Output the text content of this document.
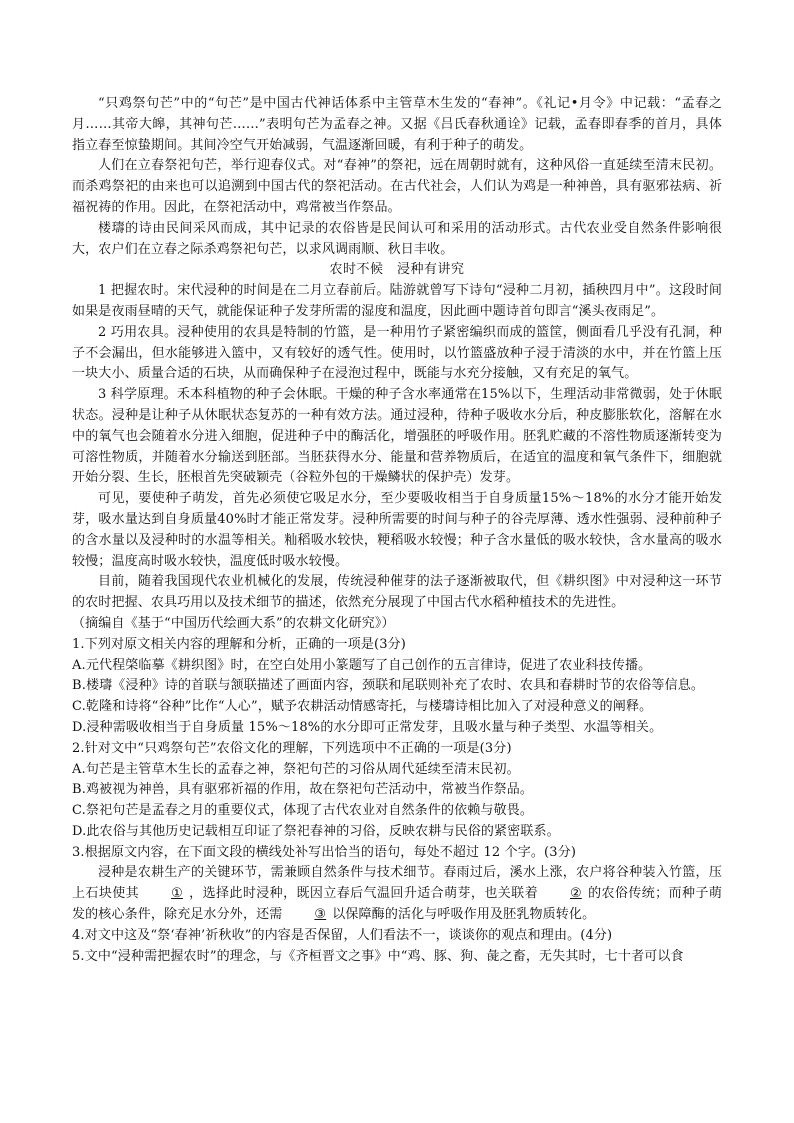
“只鸡祭句芒”中的“句芒”是中国古代神话体系中主管草木生发的“春神”。《礼记•月令》中记载：“孟春之月……其帝大皞，其神句芒……”表明句芒为孟春之神。又据《吕氏春秋通诠》记载，孟春即春季的首月，具体指立春至惊蛰期间。其间冷空气开始减弱，气温逐渐回暖，有利于种子的萌发。

人们在立春祭祀句芒，举行迎春仪式。对“春神”的祭祀，远在周朝时就有，这种风俗一直延续至清末民初。而杀鸡祭祀的由来也可以追溯到中国古代的祭祀活动。在古代社会，人们认为鸡是一种神兽，具有驱邪祛病、祈福祝祷的作用。因此，在祭祀活动中，鸡常被当作祭品。

楼璹的诗由民间采风而成，其中记录的农俗皆是民间认可和采用的活动形式。古代农业受自然条件影响很大，农户们在立春之际杀鸡祭祀句芒，以求风调雨顺、秋日丰收。

农时不候　浸种有讲究

1 把握农时。宋代浸种的时间是在二月立春前后。陆游就曾写下诗句“浸种二月初，插秧四月中”。这段时间如果是夜雨昼晴的天气，就能保证种子发芽所需的湿度和温度，因此画中题诗首句即言“溪头夜雨足”。

2 巧用农具。浸种使用的农具是特制的竹篮，是一种用竹子紧密编织而成的篮筐，侧面看几乎没有孔洞，种子不会漏出，但水能够进入篮中，又有较好的透气性。使用时，以竹篮盛放种子浸于清淡的水中，并在竹篮上压一块大小、质量合适的石块，从而确保种子在浸泡过程中，既能与水充分接触，又有充足的氧气。

3 科学原理。禾本科植物的种子会休眠。干燥的种子含水率通常在15%以下，生理活动非常微弱，处于休眠状态。浸种是让种子从休眠状态复苏的一种有效方法。通过浸种，待种子吸收水分后，种皮膨胀软化，溶解在水中的氧气也会随着水分进入细胞，促进种子中的酶活化，增强胚的呼吸作用。胚乳贮藏的不溶性物质逐渐转变为可溶性物质，并随着水分输送到胚部。当胚获得水分、能量和营养物质后，在适宜的温度和氧气条件下，细胞就开始分裂、生长，胚根首先突破颖壳（谷粒外包的干燥鳞状的保护壳）发芽。

可见，要使种子萌发，首先必须使它吸足水分，至少要吸收相当于自身质量15%～18%的水分才能开始发芽，吸水量达到自身质量40%时才能正常发芽。浸种所需要的时间与种子的谷壳厚薄、透水性强弱、浸种前种子的含水量以及浸种时的水温等相关。籼稻吸水较快，粳稻吸水较慢；种子含水量低的吸水较快，含水量高的吸水较慢；温度高时吸水较快，温度低时吸水较慢。

目前，随着我国现代农业机械化的发展，传统浸种催芽的法子逐渐被取代，但《耕织图》中对浸种这一环节的农时把握、农具巧用以及技术细节的描述，依然充分展现了中国古代水稻种植技术的先进性。

（摘编自《基于“中国历代绘画大系”的农耕文化研究》）

1.下列对原文相关内容的理解和分析，正确的一项是(3分)

A.元代程棨临摹《耕织图》时，在空白处用小篆题写了自己创作的五言律诗，促进了农业科技传播。

B.楼璹《浸种》诗的首联与颔联描述了画面内容，颈联和尾联则补充了农时、农具和春耕时节的农俗等信息。

C.乾隆和诗将“谷种”比作“人心”，赋予农耕活动情感寄托，与楼璹诗相比加入了对浸种意义的阐释。

D.浸种需吸收相当于自身质量 15%～18%的水分即可正常发芽，且吸水量与种子类型、水温等相关。

2.针对文中“只鸡祭句芒”农俗文化的理解，下列选项中不正确的一项是(3分)

A.句芒是主管草木生长的孟春之神，祭祀句芒的习俗从周代延续至清末民初。

B.鸡被视为神兽，具有驱邪祈福的作用，故在祭祀句芒活动中，常被当作祭品。

C.祭祀句芒是孟春之月的重要仪式，体现了古代农业对自然条件的依赖与敬畏。

D.此农俗与其他历史记载相互印证了祭祀春神的习俗，反映农耕与民俗的紧密联系。

3.根据原文内容，在下面文段的横线处补写出恰当的语句，每处不超过 12 个字。(3分)

浸种是农耕生产的关键环节，需兼顾自然条件与技术细节。春雨过后，溪水上涨，农户将谷种装入竹篮，压上石块使其 ① ，选择此时浸种，既因立春后气温回升适合萌芽，也关联着 ② 的农俗传统；而种子萌发的核心条件，除充足水分外，还需 ③ 以保障酶的活化与呼吸作用及胚乳物质转化。

4.对文中这及“祭‘春神’祈秋收”的内容是否保留，人们看法不一，谈谈你的观点和理由。(4分)

5.文中“浸种需把握农时”的理念，与《齐桓晋文之事》中“鸡、豚、狗、彘之畜，无失其时，七十者可以食
